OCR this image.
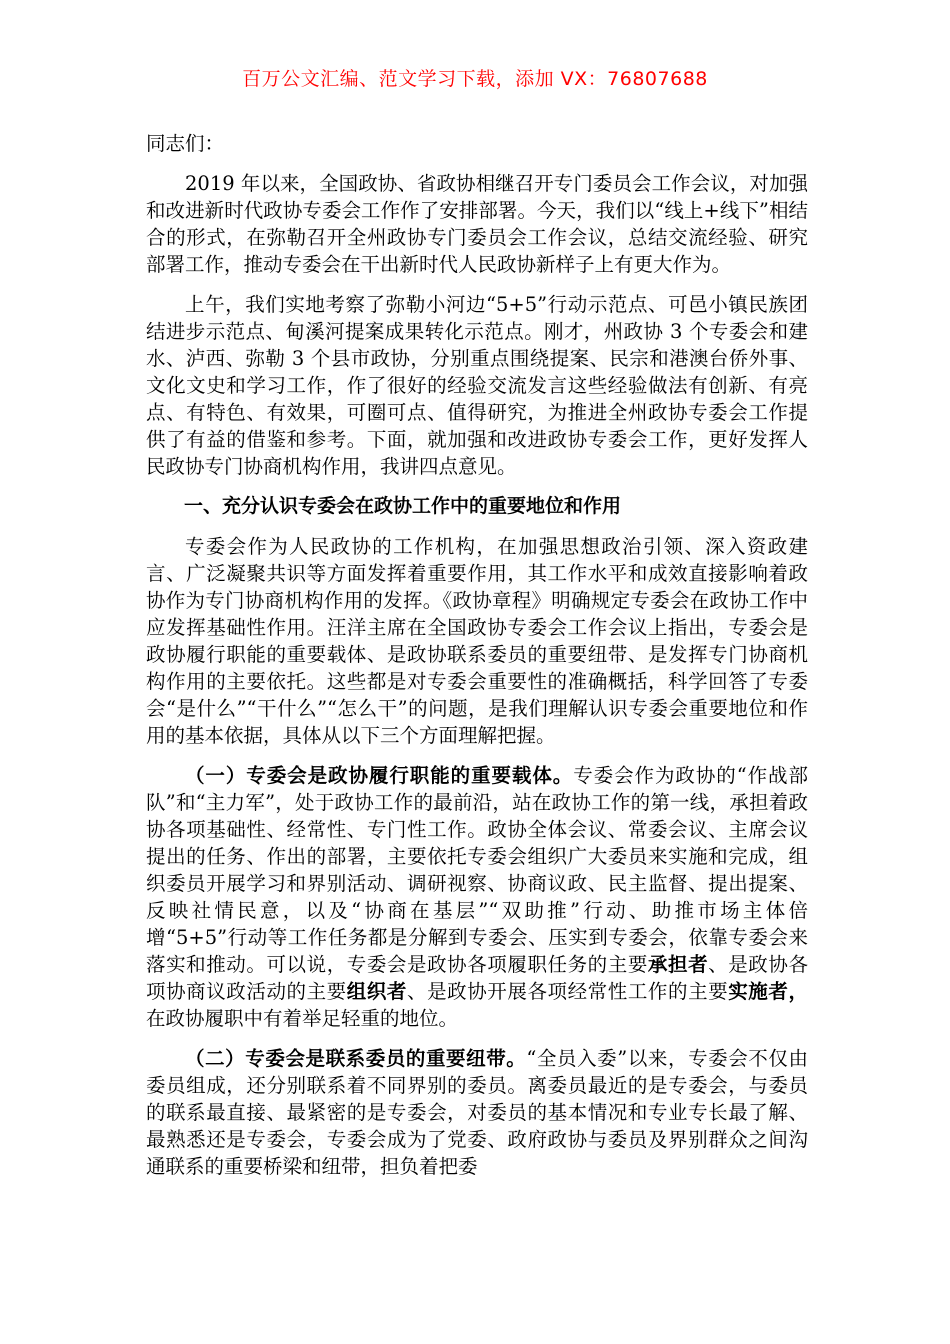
百万公文汇编、范文学习下载，添加 VX：76807688

同志们：

2019 年以来，全国政协、省政协相继召开专门委员会工作会议，对加强和改进新时代政协专委会工作作了安排部署。今天，我们以“线上+线下”相结合的形式，在弥勒召开全州政协专门委员会工作会议，总结交流经验、研究部署工作，推动专委会在干出新时代人民政协新样子上有更大作为。

上午，我们实地考察了弥勒小河边“5+5”行动示范点、可邑小镇民族团结进步示范点、甸溪河提案成果转化示范点。刚才，州政协 3 个专委会和建水、泸西、弥勒 3 个县市政协，分别重点围绕提案、民宗和港澳台侨外事、文化文史和学习工作，作了很好的经验交流发言这些经验做法有创新、有亮点、有特色、有效果，可圈可点、值得研究，为推进全州政协专委会工作提供了有益的借鉴和参考。下面，就加强和改进政协专委会工作，更好发挥人民政协专门协商机构作用，我讲四点意见。

一、充分认识专委会在政协工作中的重要地位和作用

专委会作为人民政协的工作机构，在加强思想政治引领、深入资政建言、广泛凝聚共识等方面发挥着重要作用，其工作水平和成效直接影响着政协作为专门协商机构作用的发挥。《政协章程》明确规定专委会在政协工作中应发挥基础性作用。汪洋主席在全国政协专委会工作会议上指出，专委会是政协履行职能的重要载体、是政协联系委员的重要纽带、是发挥专门协商机构作用的主要依托。这些都是对专委会重要性的准确概括，科学回答了专委会“是什么”“干什么”“怎么干”的问题，是我们理解认识专委会重要地位和作用的基本依据，具体从以下三个方面理解把握。

（一）专委会是政协履行职能的重要载体。专委会作为政协的“作战部队”和“主力军”，处于政协工作的最前沿，站在政协工作的第一线，承担着政协各项基础性、经常性、专门性工作。政协全体会议、常委会议、主席会议提出的任务、作出的部署，主要依托专委会组织广大委员来实施和完成，组织委员开展学习和界别活动、调研视察、协商议政、民主监督、提出提案、反映社情民意，以及“协商在基层”“双助推”行动、助推市场主体倍增“5+5”行动等工作任务都是分解到专委会、压实到专委会，依靠专委会来落实和推动。可以说，专委会是政协各项履职任务的主要承担者、是政协各项协商议政活动的主要组织者、是政协开展各项经常性工作的主要实施者，在政协履职中有着举足轻重的地位。

（二）专委会是联系委员的重要纽带。“全员入委”以来，专委会不仅由委员组成，还分别联系着不同界别的委员。离委员最近的是专委会，与委员的联系最直接、最紧密的是专委会，对委员的基本情况和专业专长最了解、最熟悉还是专委会，专委会成为了党委、政府政协与委员及界别群众之间沟通联系的重要桥梁和纽带，担负着把委
